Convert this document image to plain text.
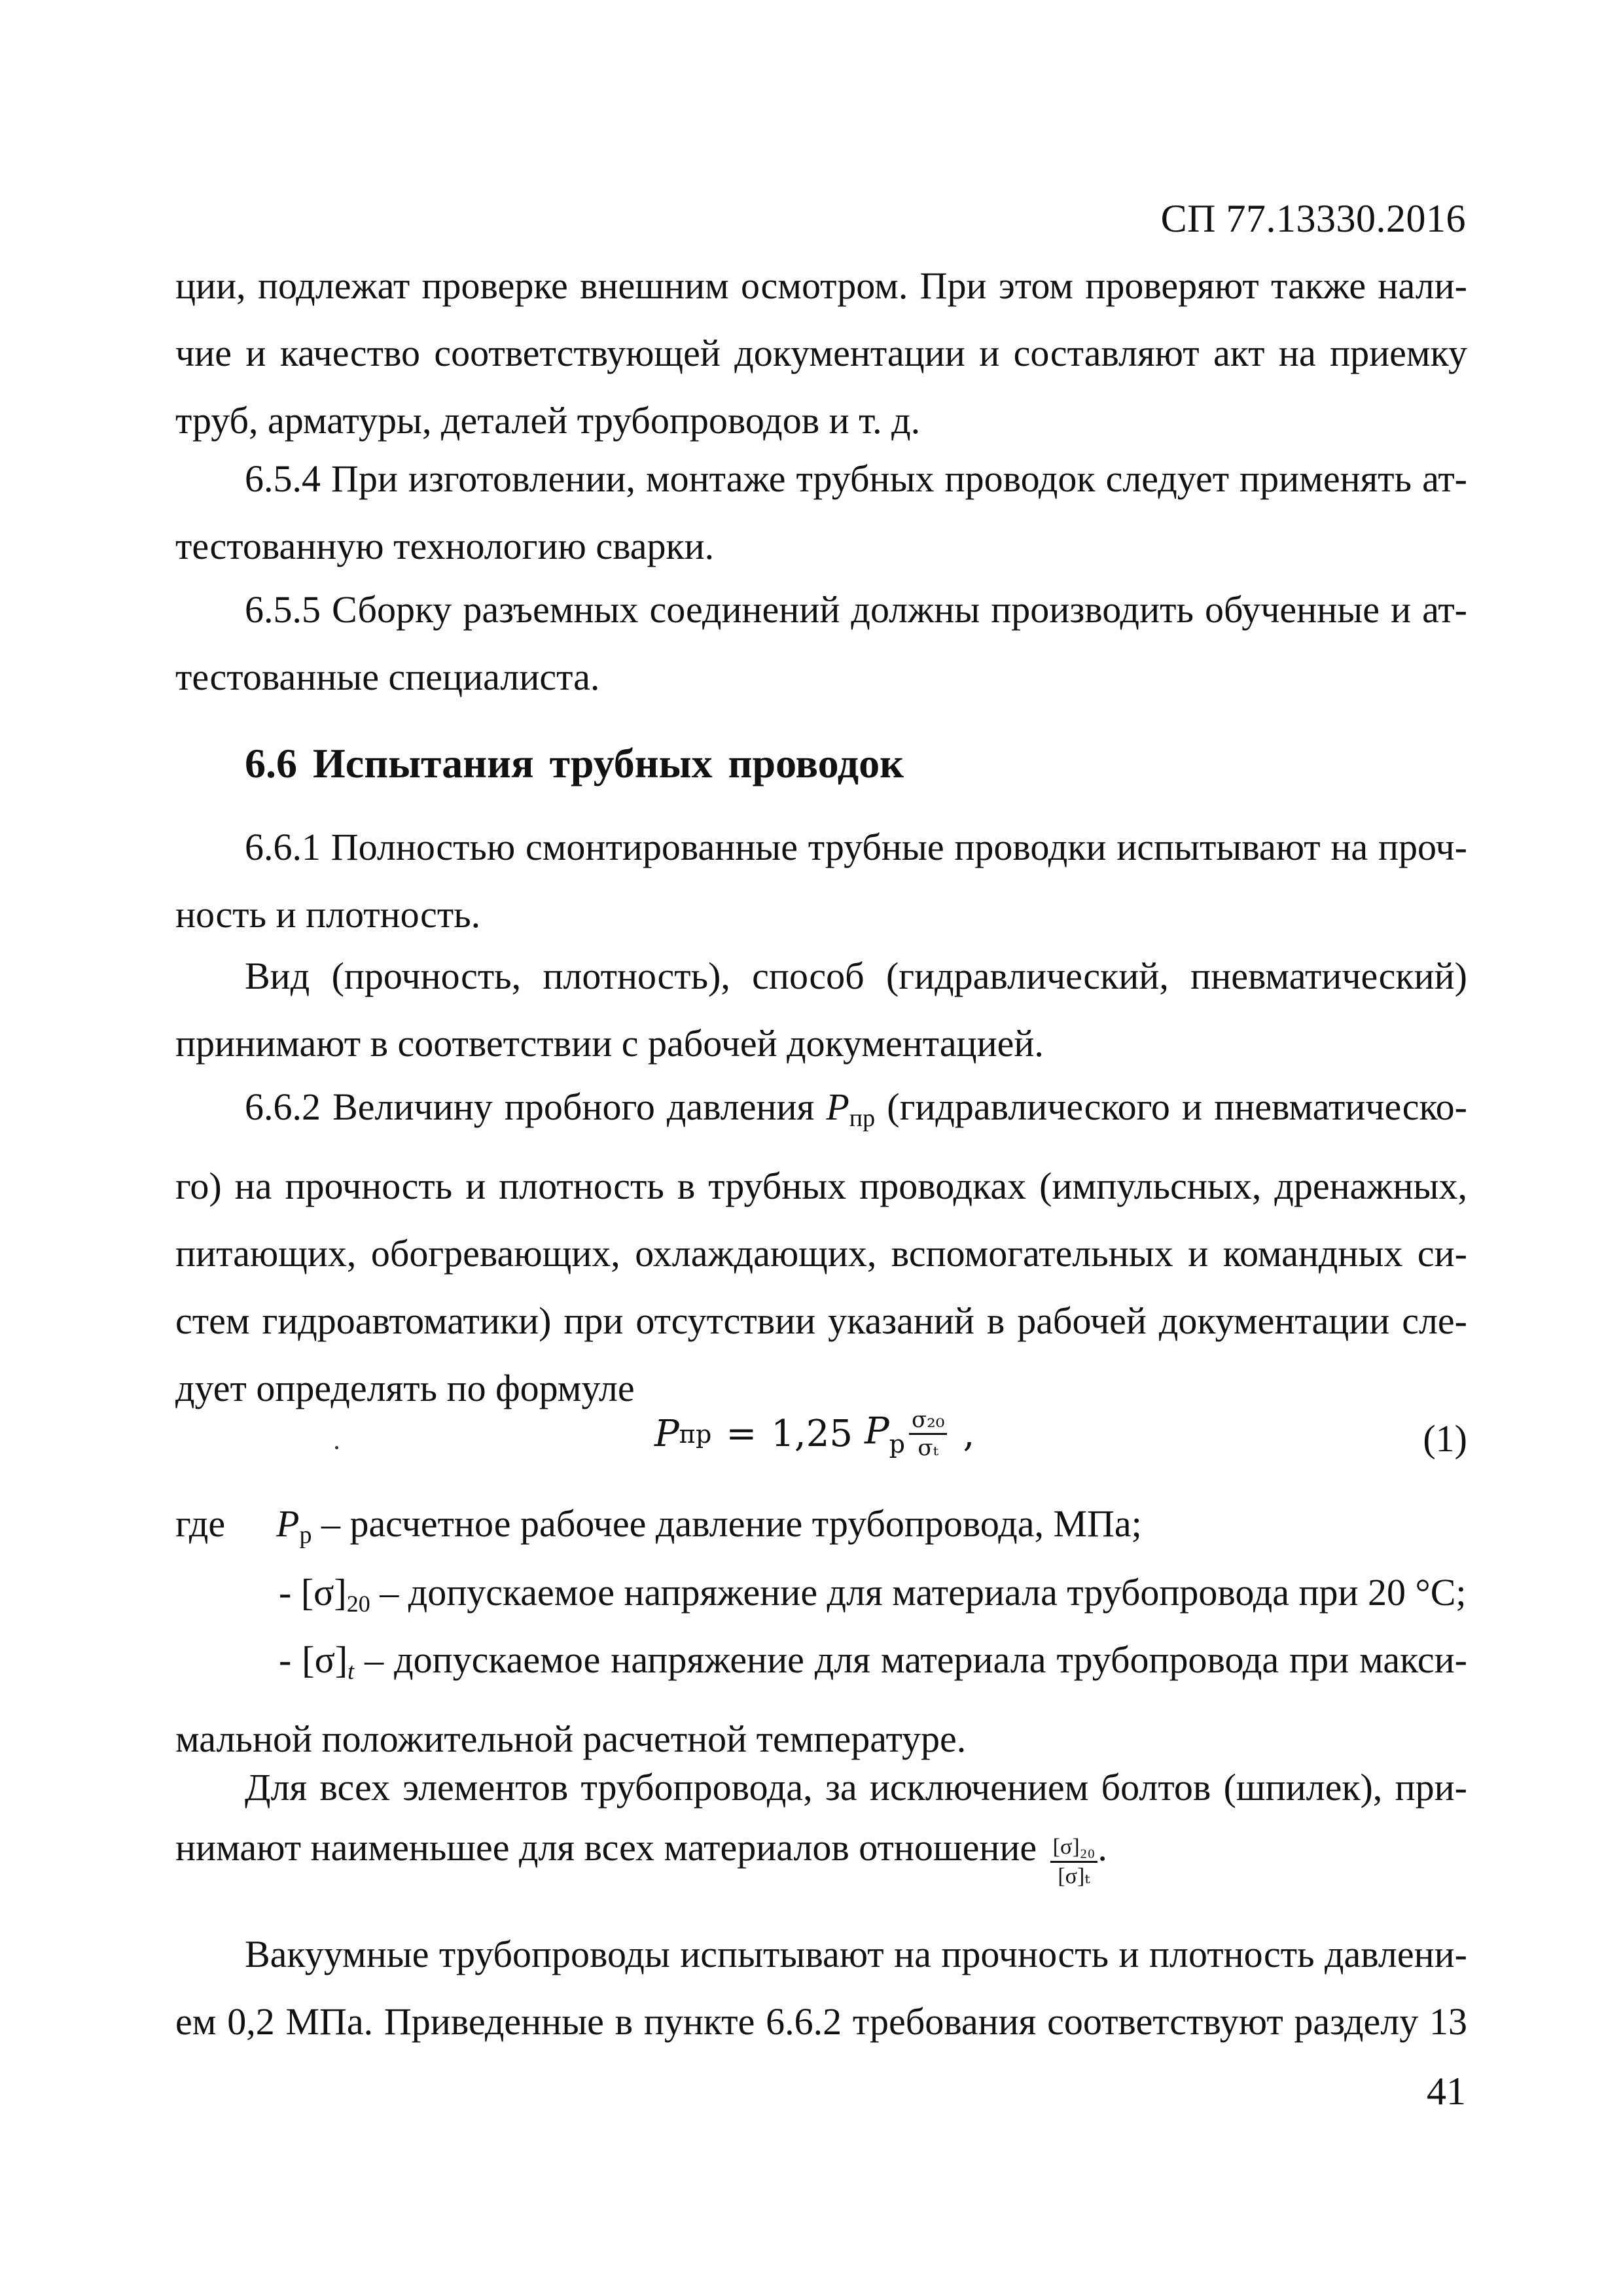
СП 77.13330.2016
ции, подлежат проверке внешним осмотром. При этом проверяют также нали-
чие и качество соответствующей документации и составляют акт на приемку
труб, арматуры, деталей трубопроводов и т. д.
6.5.4 При изготовлении, монтаже трубных проводок следует применять ат-
тестованную технологию сварки.
6.5.5 Сборку разъемных соединений должны производить обученные и ат-
тестованные специалиста.
6.6 Испытания трубных проводок
6.6.1 Полностью смонтированные трубные проводки испытывают на проч-
ность и плотность.
Вид (прочность, плотность), способ (гидравлический, пневматический)
принимают в соответствии с рабочей документацией.
6.6.2 Величину пробного давления $P_{пр}$ (гидравлического и пневматическо-
го) на прочность и плотность в трубных проводках (импульсных, дренажных,
питающих, обогревающих, охлаждающих, вспомогательных и командных си-
стем гидроавтоматики) при отсутствии указаний в рабочей документации сле-
дует определять по формуле
P пр = 1,25 $P_р \frac{\text{σ₂₀}}{\text{σₜ}}$ ,	(1)
где $P_р$ – расчетное рабочее давление трубопровода, МПа;
- [σ]20 – допускаемое напряжение для материала трубопровода при 20 °С;
- [σ]t – допускаемое напряжение для материала трубопровода при макси-
мальной положительной расчетной температуре.
Для всех элементов трубопровода, за исключением болтов (шпилек), при-
нимают наименьшее для всех материалов отношение $\frac{\text{[σ]₂₀}}{\text{[σ]ₜ}}$ .
Вакуумные трубопроводы испытывают на прочность и плотность давлени-
ем 0,2 МПа. Приведенные в пункте 6.6.2 требования соответствуют разделу 13
41
